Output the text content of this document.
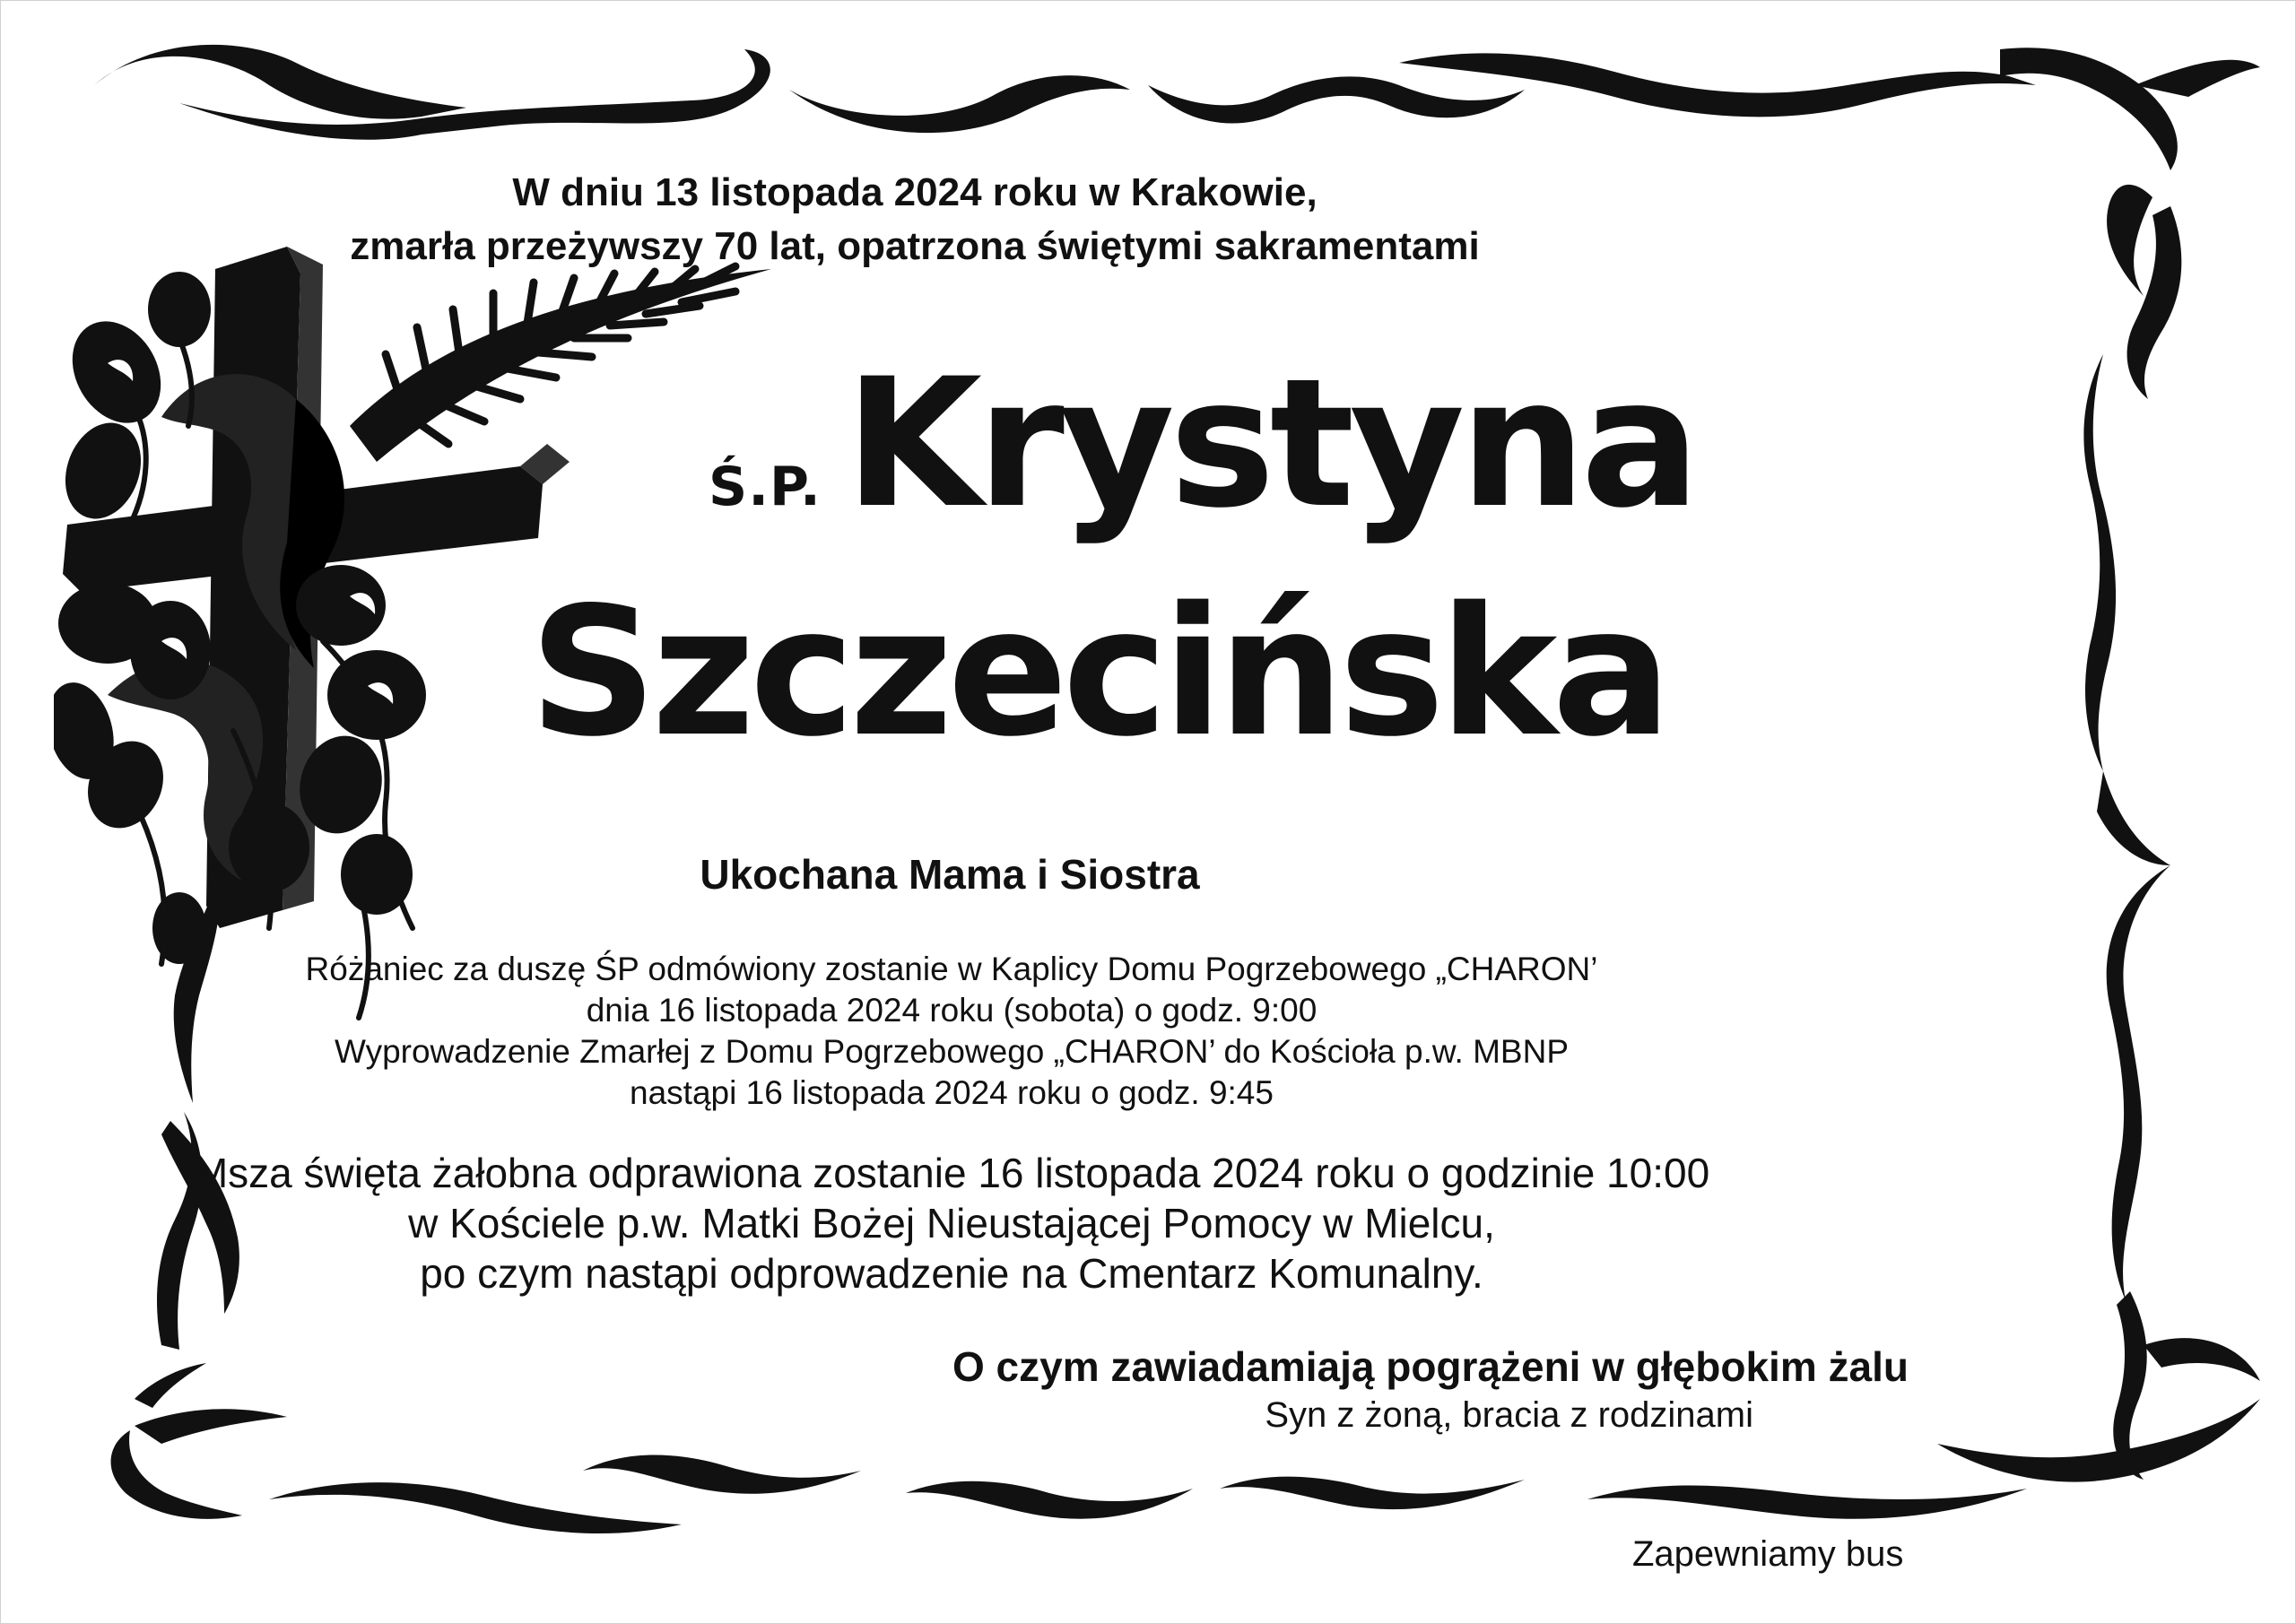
W dniu 13 listopada 2024 roku w Krakowie,
zmarła przeżywszy 70 lat, opatrzona świętymi sakramentami
Ś.P. Krystyna
Szczecińska
Ukochana Mama i Siostra
Różaniec za duszę ŚP odmówiony zostanie w Kaplicy Domu Pogrzebowego „CHARON’
dnia 16 listopada 2024 roku (sobota) o godz. 9:00
Wyprowadzenie Zmarłej z Domu Pogrzebowego „CHARON’ do Kościoła p.w. MBNP
nastąpi 16 listopada 2024 roku o godz. 9:45
Msza święta żałobna odprawiona zostanie 16 listopada 2024 roku o godzinie 10:00
w Kościele p.w. Matki Bożej Nieustającej Pomocy w Mielcu,
po czym nastąpi odprowadzenie na Cmentarz Komunalny.
O czym zawiadamiają pogrążeni w głębokim żalu
Syn z żoną, bracia z rodzinami
Zapewniamy bus
